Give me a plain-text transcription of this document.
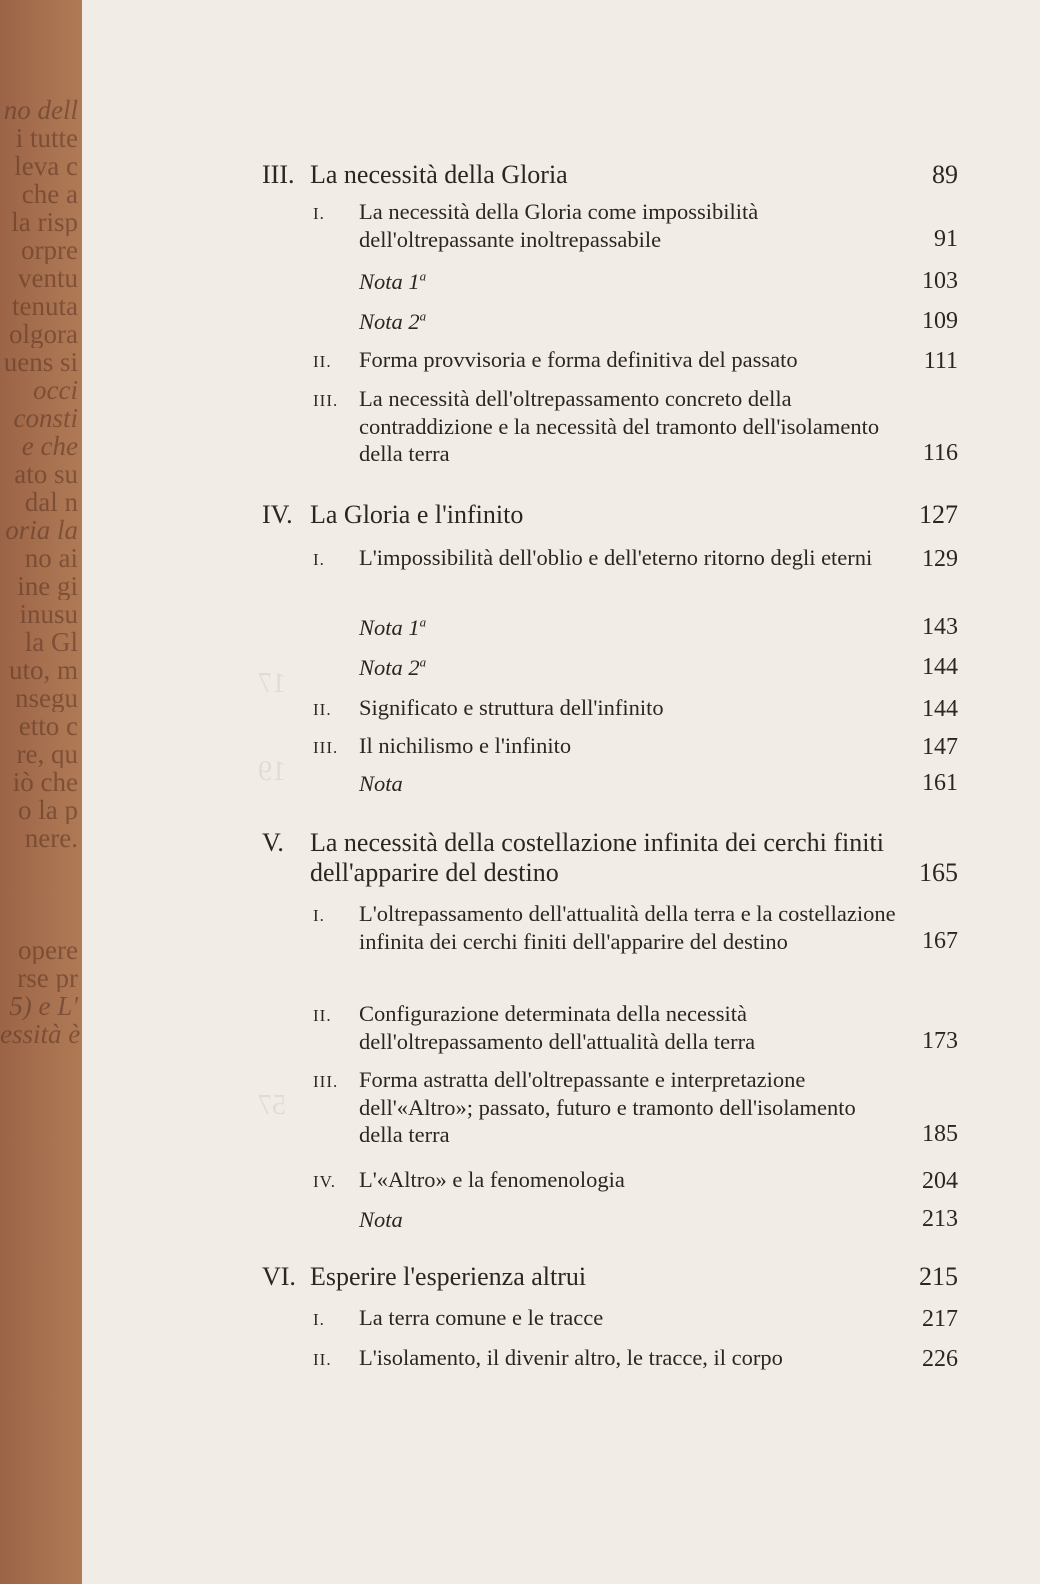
no dell
i tutte
leva c
che a
la risp
orpre
ventu
tenuta
olgora
uens si
occi
consti
e che
ato su
dal n
oria la
no ai
ine gi
inusu
la Gl
uto, m
nsegu
etto c
re, qu
iò che
o la p
nere.
opere
rse pr
5) e L'
essità è
17
19
57
III. La necessità della Gloria	89
I.	La necessità della Gloria come impossibilità dell'oltrepassante inoltrepassabile	91
Nota 1$^a$	103
Nota 2$^a$	109
II.	Forma provvisoria e forma definitiva del passato	111
III. La necessità dell'oltrepassamento concreto della contraddizione e la necessità del tramonto dell'isolamento della terra	116
IV. La Gloria e l'infinito	127
I.	L'impossibilità dell'oblio e dell'eterno ritorno degli eterni	129
Nota 1$^a$	143
Nota 2$^a$	144
II.	Significato e struttura dell'infinito	144
III. Il nichilismo e l'infinito	147
Nota	161
V.	La necessità della costellazione infinita dei cerchi finiti dell'apparire del destino	165
I.	L'oltrepassamento dell'attualità della terra e la costellazione infinita dei cerchi finiti dell'apparire del destino	167
II.	Configurazione determinata della necessità dell'oltrepassamento dell'attualità della terra	173
III. Forma astratta dell'oltrepassante e interpretazione dell'«Altro»; passato, futuro e tramonto dell'isolamento della terra	185
IV.	L'«Altro» e la fenomenologia	204
Nota	213
VI. Esperire l'esperienza altrui	215
I.	La terra comune e le tracce	217
II.	L'isolamento, il divenir altro, le tracce, il corpo	226
